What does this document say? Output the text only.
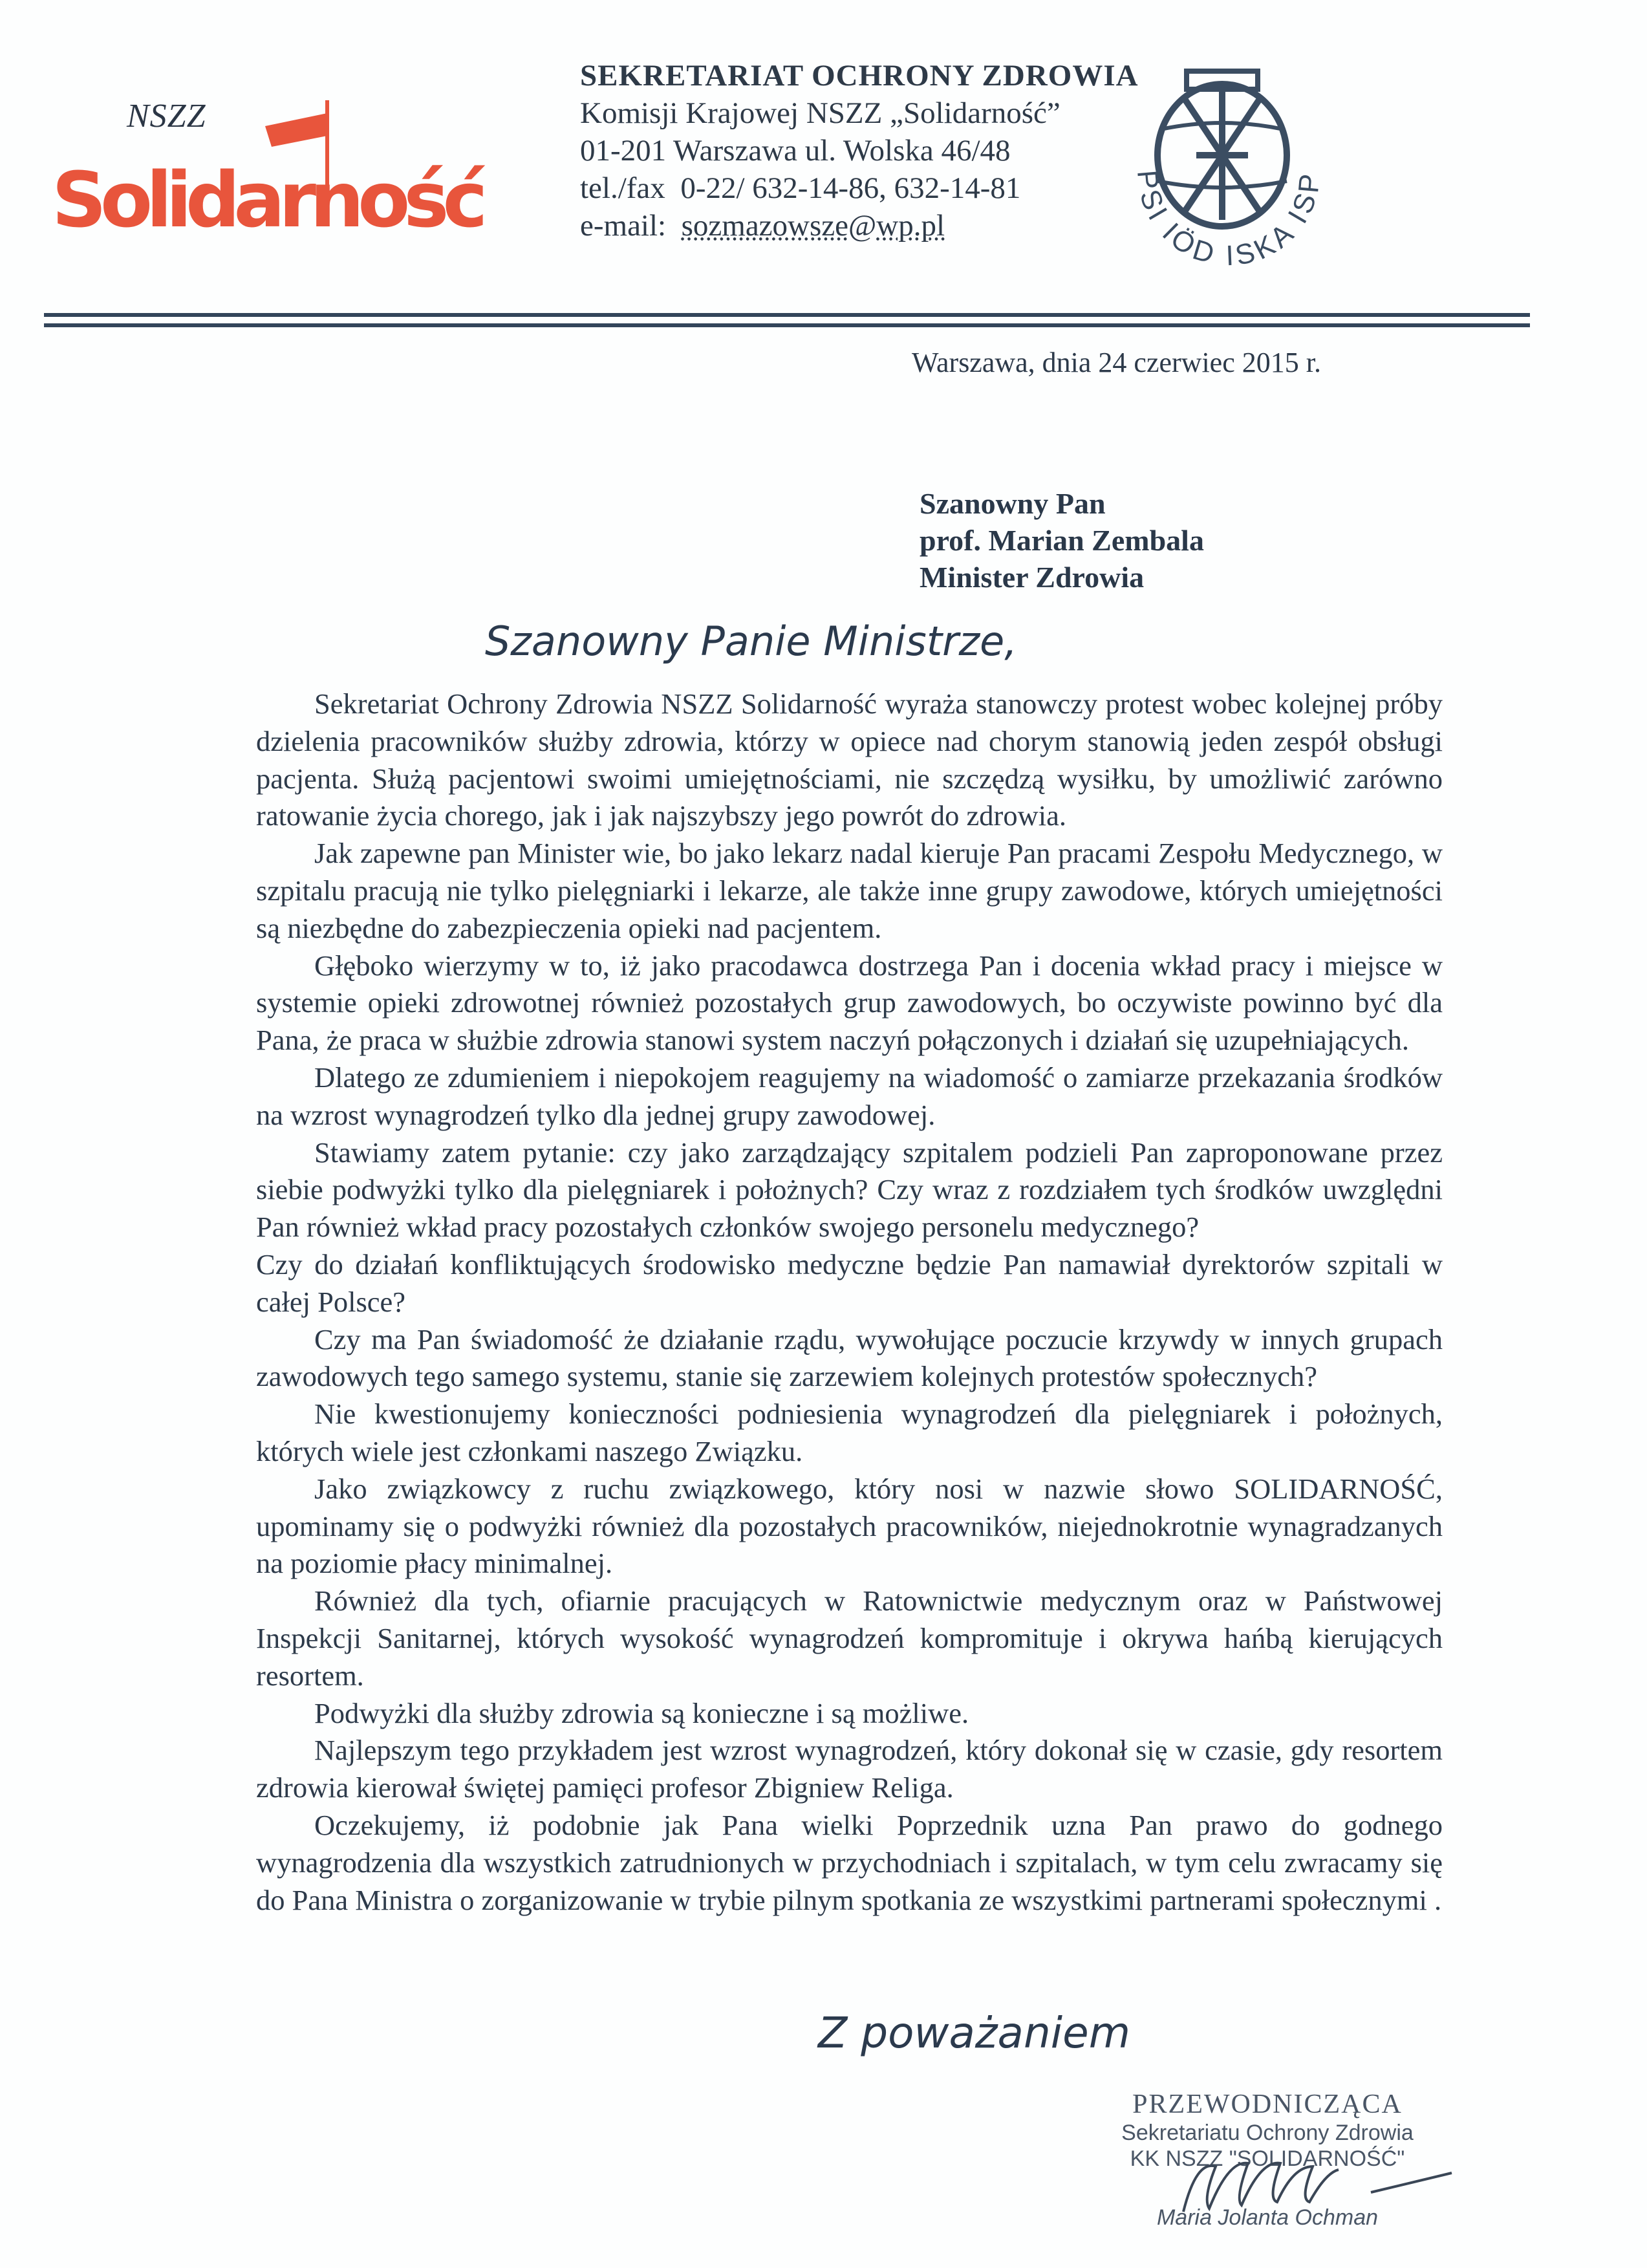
NSZZ
Solidarność
SEKRETARIAT OCHRONY ZDROWIA
Komisji Krajowej NSZZ „Solidarność”
01-201 Warszawa ul. Wolska 46/48
tel./fax 0-22/ 632-14-86, 632-14-81
e-mail: sozmazowsze@wp.pl
PSI IÖD ISKA ISP
Warszawa, dnia 24 czerwiec 2015 r.
Szanowny Pan
prof. Marian Zembala
Minister Zdrowia
Szanowny Panie Ministrze,

Sekretariat Ochrony Zdrowia NSZZ Solidarność wyraża stanowczy protest wobec kolejnej próby dzielenia pracowników służby zdrowia, którzy w opiece nad chorym stanowią jeden zespół obsługi pacjenta. Służą pacjentowi swoimi umiejętnościami, nie szczędzą wysiłku, by umożliwić zarówno ratowanie życia chorego, jak i jak najszybszy jego powrót do zdrowia.

Jak zapewne pan Minister wie, bo jako lekarz nadal kieruje Pan pracami Zespołu Medycznego, w szpitalu pracują nie tylko pielęgniarki i lekarze, ale także inne grupy zawodowe, których umiejętności są niezbędne do zabezpieczenia opieki nad pacjentem.

Głęboko wierzymy w to, iż jako pracodawca dostrzega Pan i docenia wkład pracy i miejsce w systemie opieki zdrowotnej również pozostałych grup zawodowych, bo oczywiste powinno być dla Pana, że praca w służbie zdrowia stanowi system naczyń połączonych i działań się uzupełniających.

Dlatego ze zdumieniem i niepokojem reagujemy na wiadomość o zamiarze przekazania środków na wzrost wynagrodzeń tylko dla jednej grupy zawodowej.

Stawiamy zatem pytanie: czy jako zarządzający szpitalem podzieli Pan zaproponowane przez siebie podwyżki tylko dla pielęgniarek i położnych? Czy wraz z rozdziałem tych środków uwzględni Pan również wkład pracy pozostałych członków swojego personelu medycznego?

Czy do działań konfliktujących środowisko medyczne będzie Pan namawiał dyrektorów szpitali w całej Polsce?

Czy ma Pan świadomość że działanie rządu, wywołujące poczucie krzywdy w innych grupach zawodowych tego samego systemu, stanie się zarzewiem kolejnych protestów społecznych?

Nie kwestionujemy konieczności podniesienia wynagrodzeń dla pielęgniarek i położnych, których wiele jest członkami naszego Związku.

Jako związkowcy z ruchu związkowego, który nosi w nazwie słowo SOLIDARNOŚĆ, upominamy się o podwyżki również dla pozostałych pracowników, niejednokrotnie wynagradzanych na poziomie płacy minimalnej.

Również dla tych, ofiarnie pracujących w Ratownictwie medycznym oraz w Państwowej Inspekcji Sanitarnej, których wysokość wynagrodzeń kompromituje i okrywa hańbą kierujących resortem.

Podwyżki dla służby zdrowia są konieczne i są możliwe.

Najlepszym tego przykładem jest wzrost wynagrodzeń, który dokonał się w czasie, gdy resortem zdrowia kierował świętej pamięci profesor Zbigniew Religa.

Oczekujemy, iż podobnie jak Pana wielki Poprzednik uzna Pan prawo do godnego wynagrodzenia dla wszystkich zatrudnionych w przychodniach i szpitalach, w tym celu zwracamy się do Pana Ministra o zorganizowanie w trybie pilnym spotkania ze wszystkimi partnerami społecznymi .

Z poważaniem
PRZEWODNICZĄCA
Sekretariatu Ochrony Zdrowia
KK NSZZ "SOLIDARNOŚĆ"
Maria Jolanta Ochman
